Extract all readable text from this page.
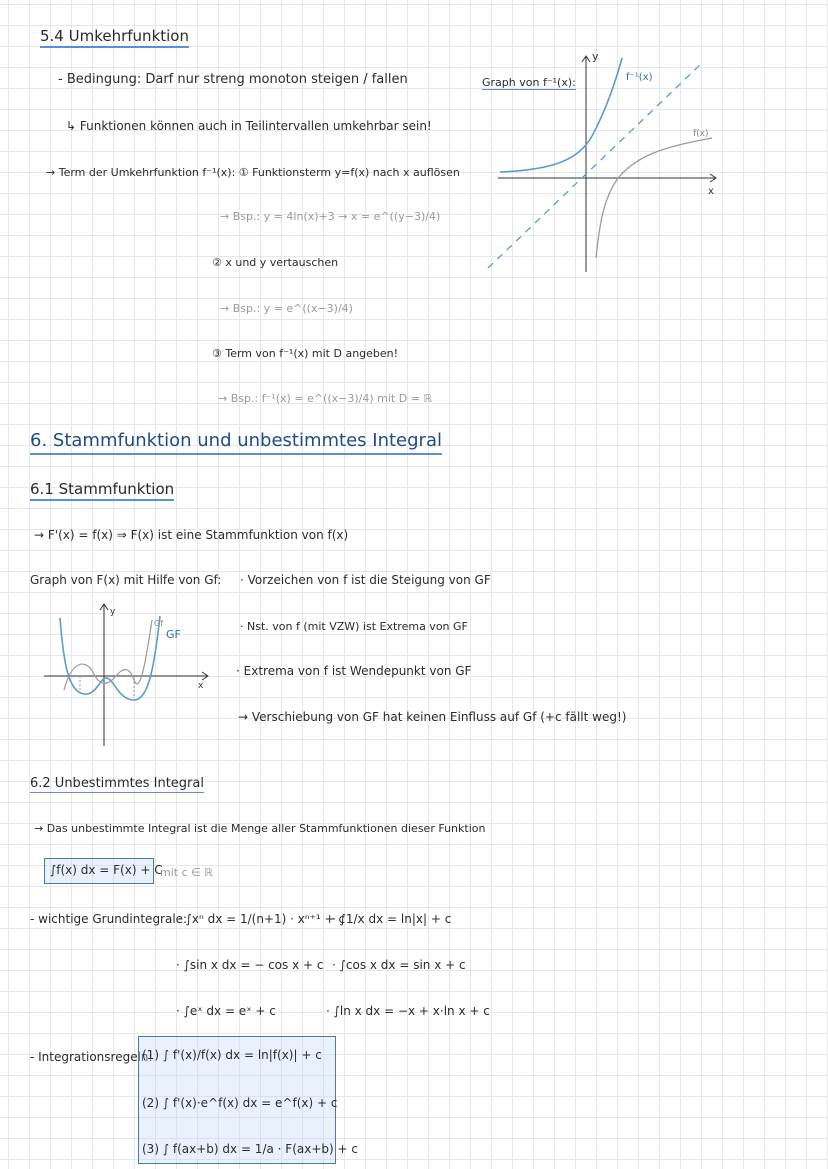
5.4 Umkehrfunktion
- Bedingung: Darf nur streng monoton steigen / fallen
↳ Funktionen können auch in Teilintervallen umkehrbar sein!
→ Term der Umkehrfunktion f⁻¹(x): ① Funktionsterm y=f(x) nach x auflösen
→ Bsp.: y = 4ln(x)+3 → x = e^((y−3)/4)
② x und y vertauschen
→ Bsp.: y = e^((x−3)/4)
③ Term von f⁻¹(x) mit D angeben!
→ Bsp.: f⁻¹(x) = e^((x−3)/4) mit D = ℝ
Graph von f⁻¹(x):
y
x
f⁻¹(x)
f(x)
6. Stammfunktion und unbestimmtes Integral
6.1 Stammfunktion
→ F'(x) = f(x) ⇒ F(x) ist eine Stammfunktion von f(x)
Graph von F(x) mit Hilfe von Gf: · Vorzeichen von f ist die Steigung von GF
· Nst. von f (mit VZW) ist Extrema von GF
· Extrema von f ist Wendepunkt von GF
→ Verschiebung von GF hat keinen Einfluss auf Gf (+c fällt weg!)
y
x
Gf
GF
6.2 Unbestimmtes Integral
→ Das unbestimmte Integral ist die Menge aller Stammfunktionen dieser Funktion
∫f(x) dx = F(x) + C
mit c ∈ ℝ
- wichtige Grundintegrale:
· ∫xⁿ dx = 1/(n+1) · xⁿ⁺¹ + c
· ∫1/x dx = ln|x| + c
· ∫sin x dx = − cos x + c · ∫cos x dx = sin x + c
· ∫eˣ dx = eˣ + c	· ∫ln x dx = −x + x·ln x + c
- Integrationsregeln:
(1) ∫ f'(x)/f(x) dx = ln|f(x)| + c
(2) ∫ f'(x)·e^f(x) dx = e^f(x) + c
(3) ∫ f(ax+b) dx = 1/a · F(ax+b) + c
